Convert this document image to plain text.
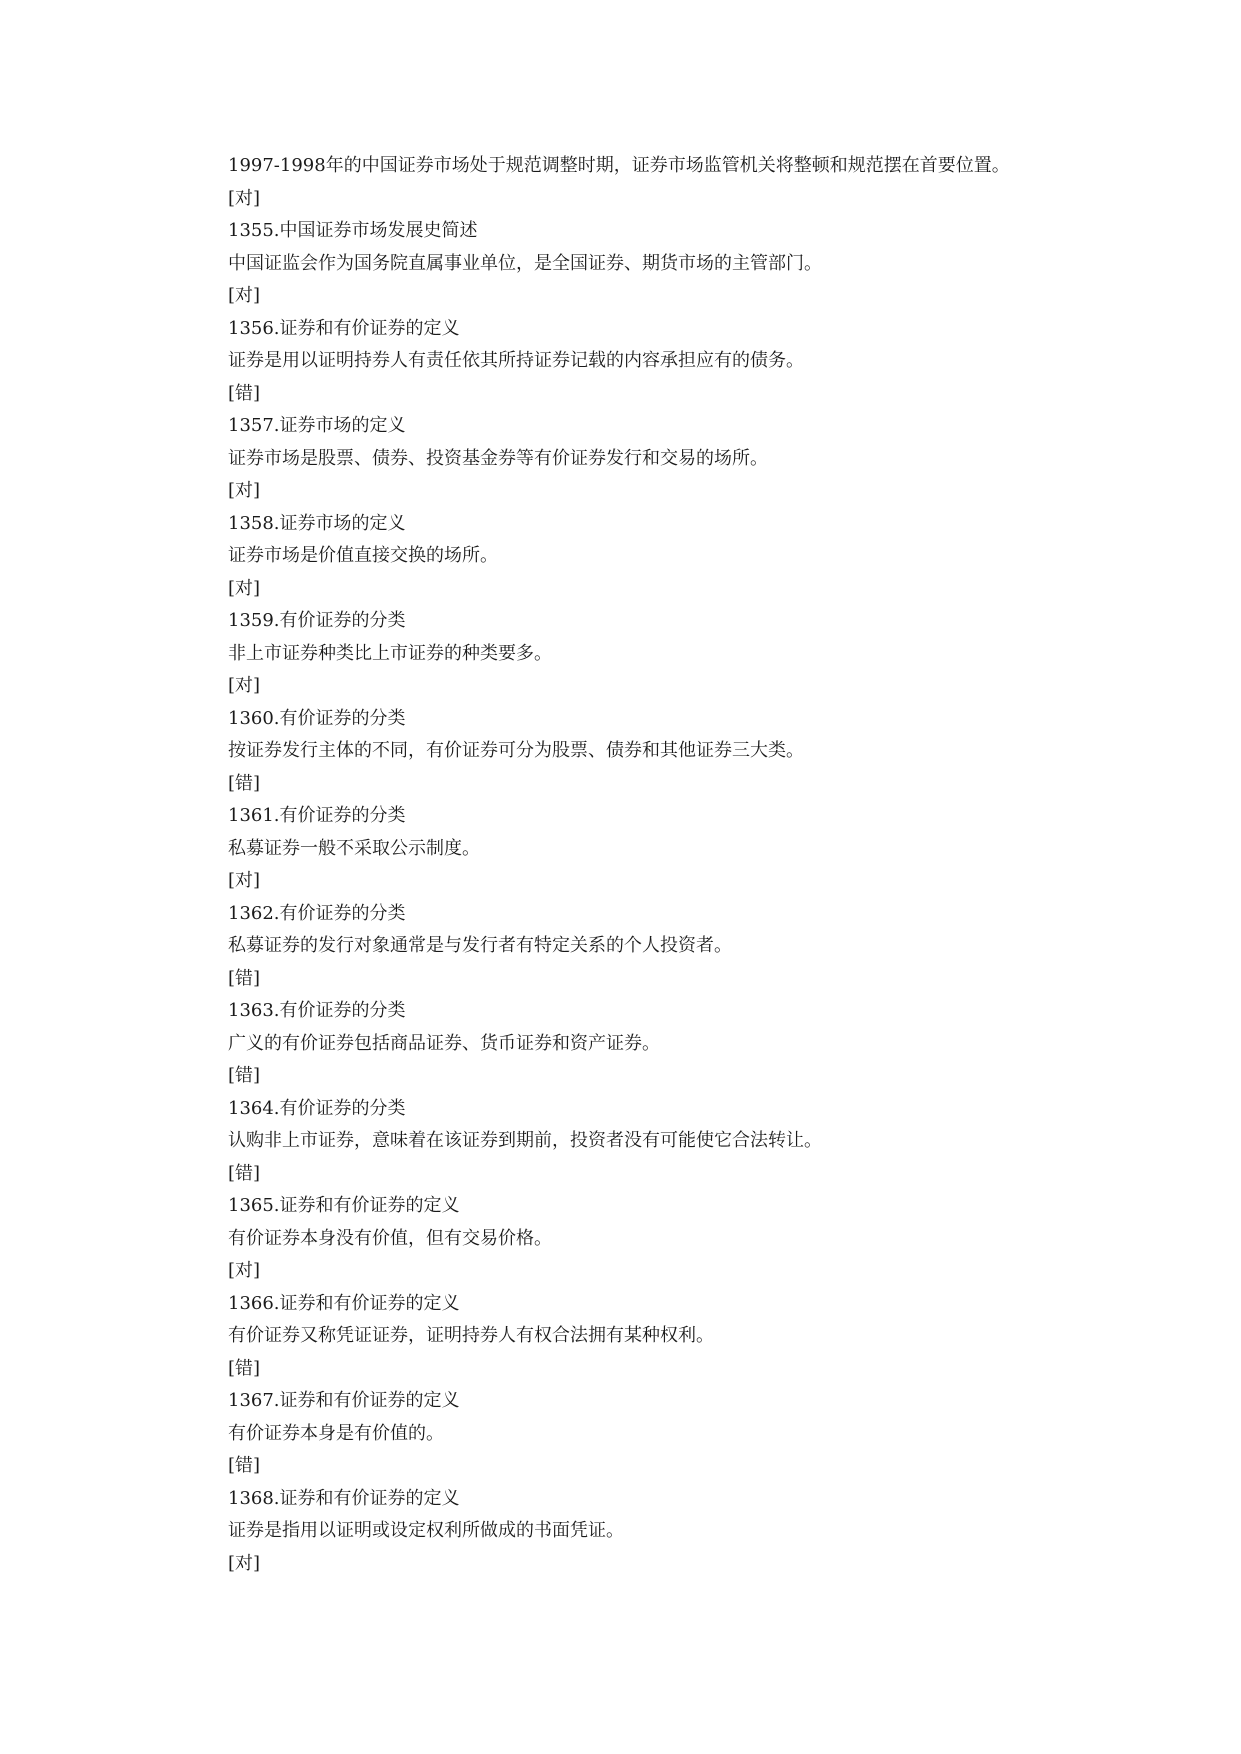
1997-1998年的中国证券市场处于规范调整时期，证券市场监管机关将整顿和规范摆在首要位置。
[对]
1355.中国证券市场发展史简述
中国证监会作为国务院直属事业单位，是全国证券、期货市场的主管部门。
[对]
1356.证券和有价证券的定义
证券是用以证明持券人有责任依其所持证券记载的内容承担应有的债务。
[错]
1357.证券市场的定义
证券市场是股票、债券、投资基金券等有价证券发行和交易的场所。
[对]
1358.证券市场的定义
证券市场是价值直接交换的场所。
[对]
1359.有价证券的分类
非上市证券种类比上市证券的种类要多。
[对]
1360.有价证券的分类
按证券发行主体的不同，有价证券可分为股票、债券和其他证券三大类。
[错]
1361.有价证券的分类
私募证券一般不采取公示制度。
[对]
1362.有价证券的分类
私募证券的发行对象通常是与发行者有特定关系的个人投资者。
[错]
1363.有价证券的分类
广义的有价证券包括商品证券、货币证券和资产证券。
[错]
1364.有价证券的分类
认购非上市证券，意味着在该证券到期前，投资者没有可能使它合法转让。
[错]
1365.证券和有价证券的定义
有价证券本身没有价值，但有交易价格。
[对]
1366.证券和有价证券的定义
有价证券又称凭证证券，证明持券人有权合法拥有某种权利。
[错]
1367.证券和有价证券的定义
有价证券本身是有价值的。
[错]
1368.证券和有价证券的定义
证券是指用以证明或设定权利所做成的书面凭证。
[对]
